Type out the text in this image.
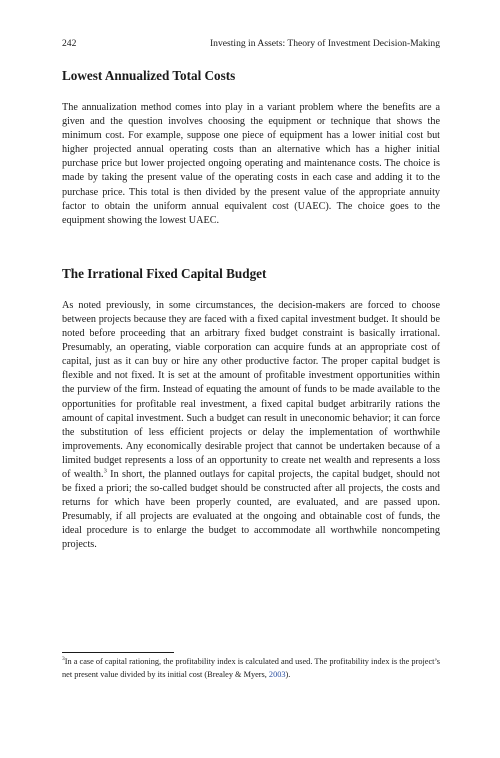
242	Investing in Assets: Theory of Investment Decision-Making
Lowest Annualized Total Costs

The annualization method comes into play in a variant problem where the benefits are a given and the question involves choosing the equipment or technique that shows the minimum cost. For example, suppose one piece of equipment has a lower initial cost but higher projected annual operating costs than an alternative which has a higher initial purchase price but lower projected ongoing operating and maintenance costs. The choice is made by taking the present value of the operating costs in each case and adding it to the purchase price. This total is then divided by the present value of the appropriate annuity factor to obtain the uniform annual equivalent cost (UAEC). The choice goes to the equipment showing the lowest UAEC.

The Irrational Fixed Capital Budget

As noted previously, in some circumstances, the decision-makers are forced to choose between projects because they are faced with a fixed capital investment budget. It should be noted before proceeding that an arbitrary fixed budget constraint is basically irrational. Presumably, an operating, viable corporation can acquire funds at an appropriate cost of capital, just as it can buy or hire any other productive factor. The proper capital budget is flexible and not fixed. It is set at the amount of profitable investment opportunities within the purview of the firm. Instead of equating the amount of funds to be made available to the opportunities for profitable real investment, a fixed capital budget arbitrarily rations the amount of capital investment. Such a budget can result in uneconomic behavior; it can force the substitution of less efficient projects or delay the implementation of worthwhile improvements. Any economically desirable project that cannot be undertaken because of a limited budget represents a loss of an opportunity to create net wealth and represents a loss of wealth.$^3$ In short, the planned outlays for capital projects, the capital budget, should not be fixed a priori; the so-called budget should be constructed after all projects, the costs and returns for which have been properly counted, are evaluated, and are passed upon. Presumably, if all projects are evaluated at the ongoing and obtainable cost of funds, the ideal procedure is to enlarge the budget to accommodate all worthwhile noncompeting projects.

$^3$In a case of capital rationing, the profitability index is calculated and used. The profitability index is the project’s net present value divided by its initial cost (Brealey & Myers, 2003).
